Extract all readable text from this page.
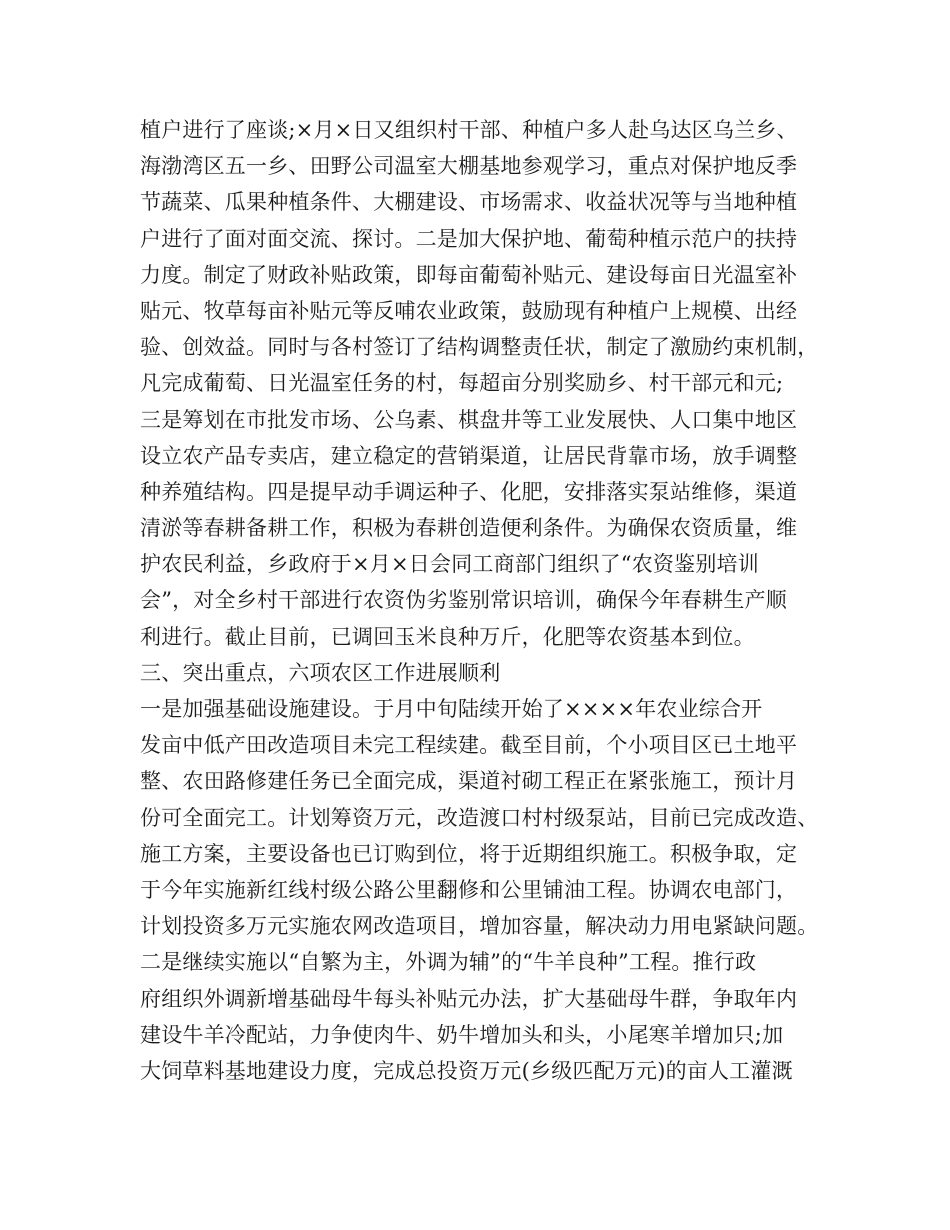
植户进行了座谈;×月×日又组织村干部、种植户多人赴乌达区乌兰乡、
海渤湾区五一乡、田野公司温室大棚基地参观学习，重点对保护地反季
节蔬菜、瓜果种植条件、大棚建设、市场需求、收益状况等与当地种植
户进行了面对面交流、探讨。二是加大保护地、葡萄种植示范户的扶持
力度。制定了财政补贴政策，即每亩葡萄补贴元、建设每亩日光温室补
贴元、牧草每亩补贴元等反哺农业政策，鼓励现有种植户上规模、出经
验、创效益。同时与各村签订了结构调整责任状，制定了激励约束机制，
凡完成葡萄、日光温室任务的村，每超亩分别奖励乡、村干部元和元;
三是筹划在市批发市场、公乌素、棋盘井等工业发展快、人口集中地区
设立农产品专卖店，建立稳定的营销渠道，让居民背靠市场，放手调整
种养殖结构。四是提早动手调运种子、化肥，安排落实泵站维修，渠道
清淤等春耕备耕工作，积极为春耕创造便利条件。为确保农资质量，维
护农民利益，乡政府于×月×日会同工商部门组织了“农资鉴别培训
会”，对全乡村干部进行农资伪劣鉴别常识培训，确保今年春耕生产顺
利进行。截止目前，已调回玉米良种万斤，化肥等农资基本到位。
三、突出重点，六项农区工作进展顺利
一是加强基础设施建设。于月中旬陆续开始了××××年农业综合开
发亩中低产田改造项目未完工程续建。截至目前，个小项目区已土地平
整、农田路修建任务已全面完成，渠道衬砌工程正在紧张施工，预计月
份可全面完工。计划筹资万元，改造渡口村村级泵站，目前已完成改造、
施工方案，主要设备也已订购到位，将于近期组织施工。积极争取，定
于今年实施新红线村级公路公里翻修和公里铺油工程。协调农电部门，
计划投资多万元实施农网改造项目，增加容量，解决动力用电紧缺问题。
二是继续实施以“自繁为主，外调为辅”的“牛羊良种”工程。推行政
府组织外调新增基础母牛每头补贴元办法，扩大基础母牛群，争取年内
建设牛羊冷配站，力争使肉牛、奶牛增加头和头，小尾寒羊增加只;加
大饲草料基地建设力度，完成总投资万元(乡级匹配万元)的亩人工灌溉
